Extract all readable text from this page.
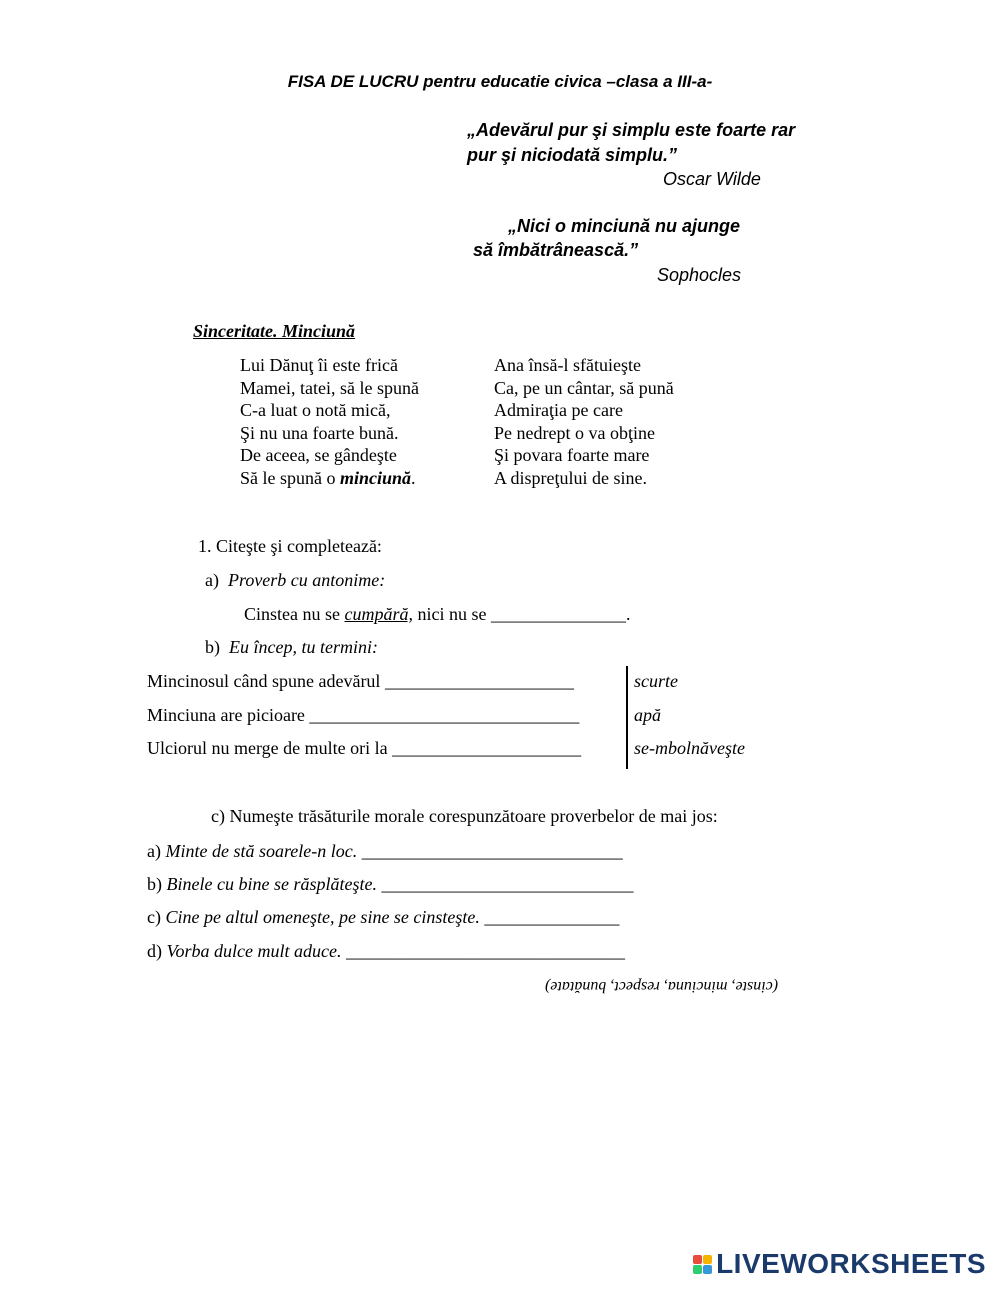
FISA DE LUCRU pentru educatie civica –clasa a III-a-
„Adevărul pur şi simplu este foarte rar
pur şi niciodată simplu.”
Oscar Wilde
„Nici o minciună nu ajunge
să îmbătrânească.”
Sophocles
Sinceritate. Minciună
Lui Dănuţ îi este frică
Mamei, tatei, să le spună
C-a luat o notă mică,
Şi nu una foarte bună.
De aceea, se gândeşte
Să le spună o minciună.
Ana însă-l sfătuieşte
Ca, pe un cântar, să pună
Admiraţia pe care
Pe nedrept o va obţine
Şi povara foarte mare
A dispreţului de sine.
1. Citeşte şi completează:
a) Proverb cu antonime:
Cinstea nu se cumpără, nici nu se _______________.
b) Eu încep, tu termini:
Mincinosul când spune adevărul _____________________
Minciuna are picioare ______________________________
Ulciorul nu merge de multe ori la _____________________
scurte
apă
se-mbolnăveşte
c) Numeşte trăsăturile morale corespunzătoare proverbelor de mai jos:
a) Minte de stă soarele-n loc. _____________________________
b) Binele cu bine se răsplăteşte. ____________________________
c) Cine pe altul omeneşte, pe sine se cinsteşte. _______________
d) Vorba dulce mult aduce. _______________________________
(cinste, minciuna, respect, bunătate)
LIVEWORKSHEETS
